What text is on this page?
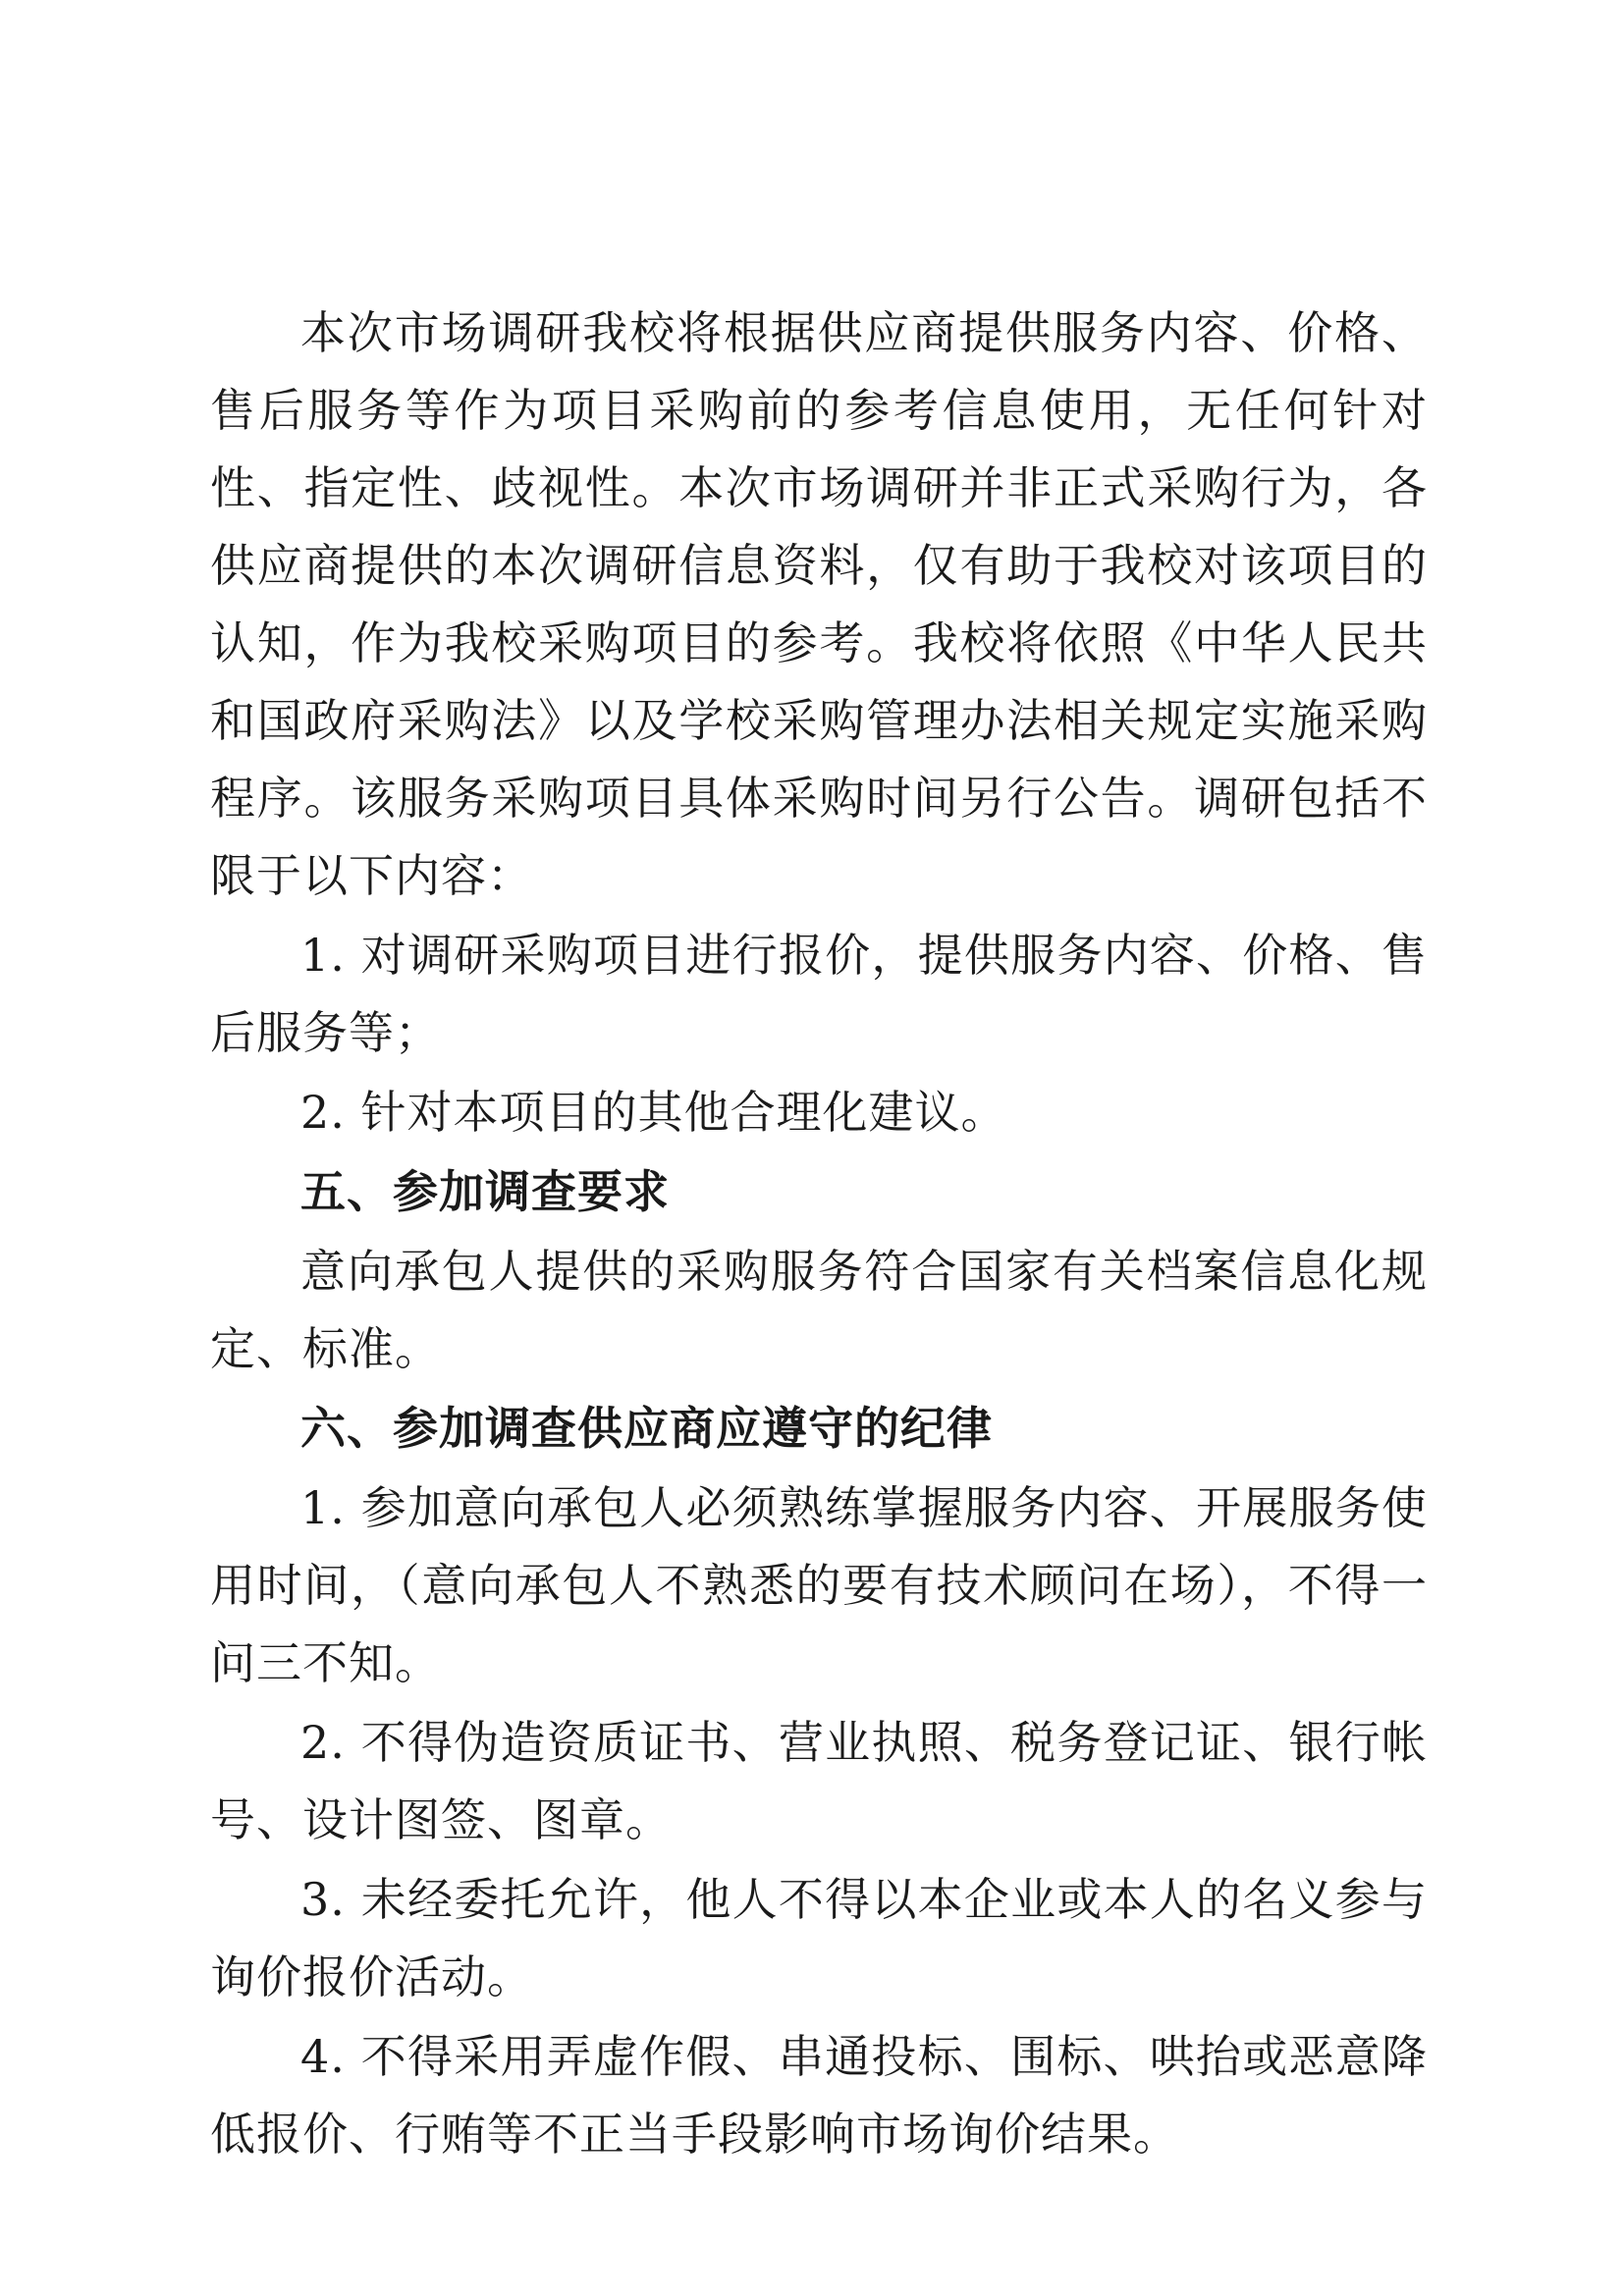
本次市场调研我校将根据供应商提供服务内容、价格、售后服务等作为项目采购前的参考信息使用，无任何针对性、指定性、歧视性。本次市场调研并非正式采购行为，各供应商提供的本次调研信息资料，仅有助于我校对该项目的认知，作为我校采购项目的参考。我校将依照《中华人民共和国政府采购法》以及学校采购管理办法相关规定实施采购程序。该服务采购项目具体采购时间另行公告。调研包括不限于以下内容：

1. 对调研采购项目进行报价，提供服务内容、价格、售后服务等；

2. 针对本项目的其他合理化建议。

五、参加调查要求

意向承包人提供的采购服务符合国家有关档案信息化规定、标准。

六、参加调查供应商应遵守的纪律

1. 参加意向承包人必须熟练掌握服务内容、开展服务使用时间，（意向承包人不熟悉的要有技术顾问在场），不得一问三不知。

2. 不得伪造资质证书、营业执照、税务登记证、银行帐号、设计图签、图章。

3. 未经委托允许，他人不得以本企业或本人的名义参与询价报价活动。

4. 不得采用弄虚作假、串通投标、围标、哄抬或恶意降低报价、行贿等不正当手段影响市场询价结果。
